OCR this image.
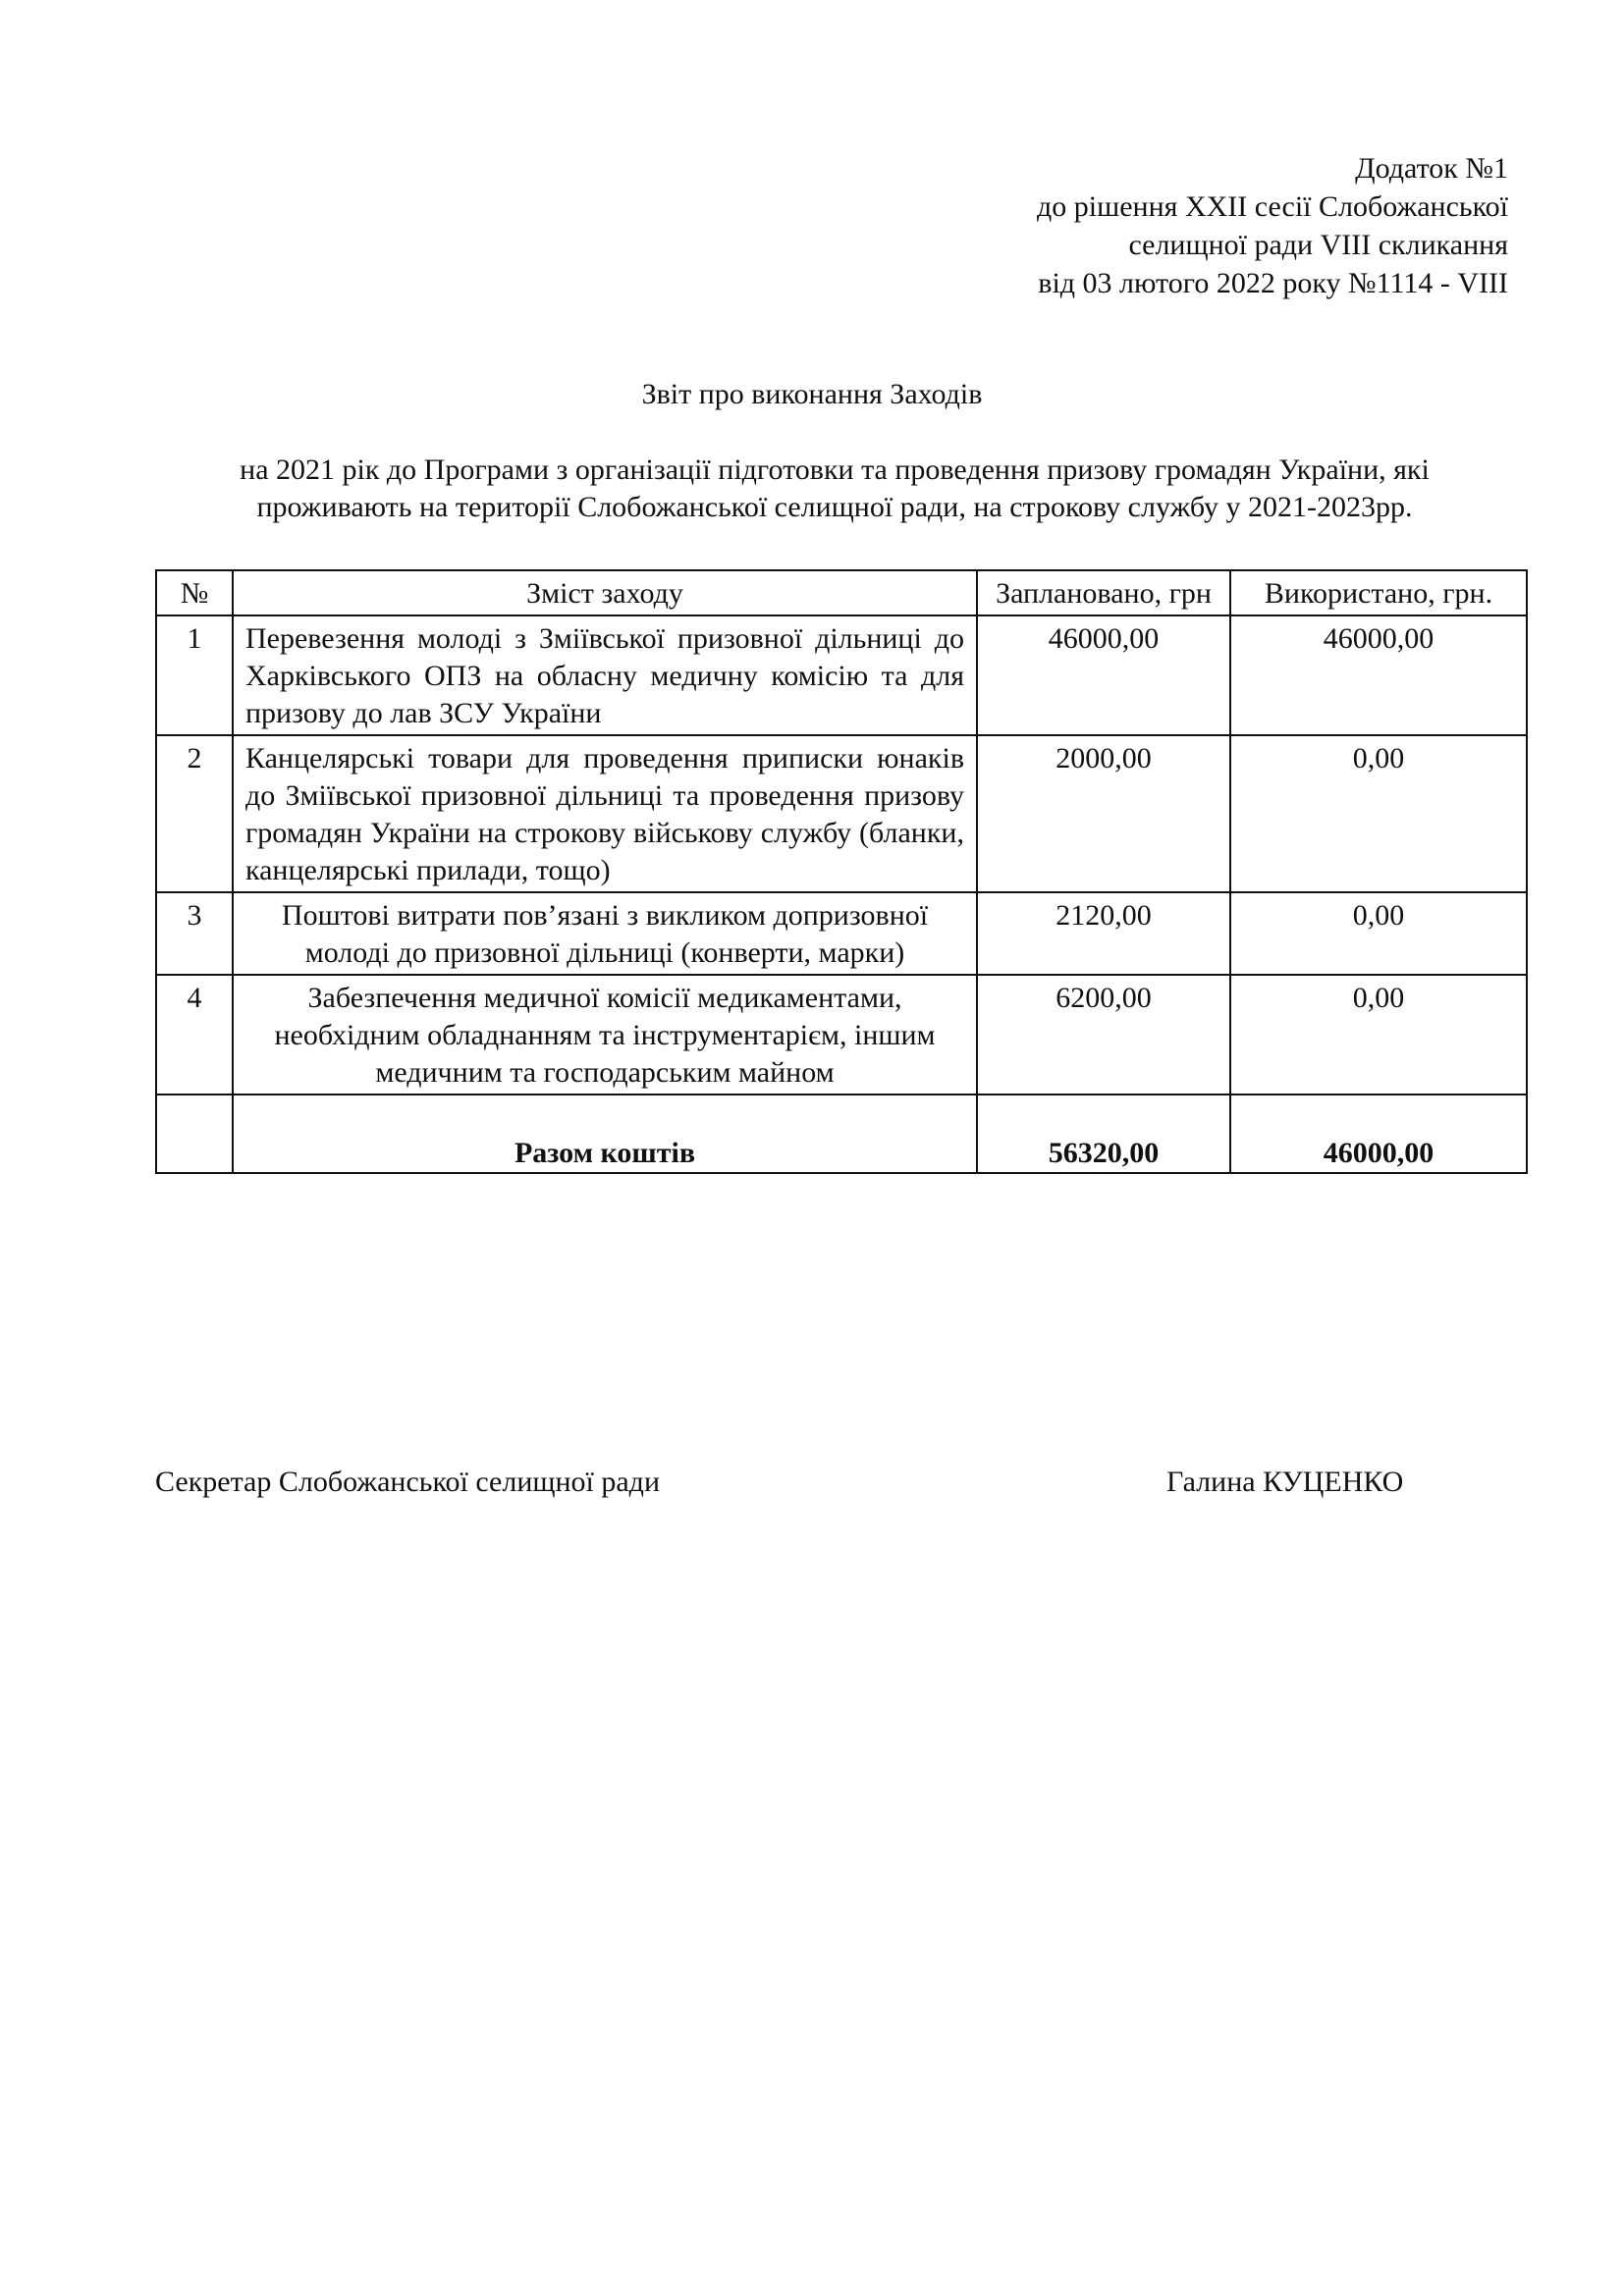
Додаток №1
до рішення XXII сесії Слобожанської
селищної ради VIII скликання
від 03 лютого 2022 року №1114 - VIII
Звіт про виконання Заходів
на 2021 рік до Програми з організації підготовки та проведення призову громадян України, які
проживають на території Слобожанської селищної ради, на строкову службу у 2021-2023рр.
№	Зміст заходу	Заплановано, грн	Використано, грн.
1	Перевезення молоді з Зміївської призовної дільниці до Харківського ОПЗ на обласну медичну комісію та для призову до лав ЗСУ України	46000,00	46000,00
2	Канцелярські товари для проведення приписки юнаків до Зміївської призовної дільниці та проведення призову громадян України на строкову військову службу (бланки, канцелярські прилади, тощо)	2000,00	0,00
3	Поштові витрати пов’язані з викликом допризовної молоді до призовної дільниці (конверти, марки)	2120,00	0,00
4	Забезпечення медичної комісії медикаментами, необхідним обладнанням та інструментарієм, іншим медичним та господарським майном	6200,00	0,00
	Разом коштів	56320,00	46000,00
Секретар Слобожанської селищної ради	Галина КУЦЕНКО
